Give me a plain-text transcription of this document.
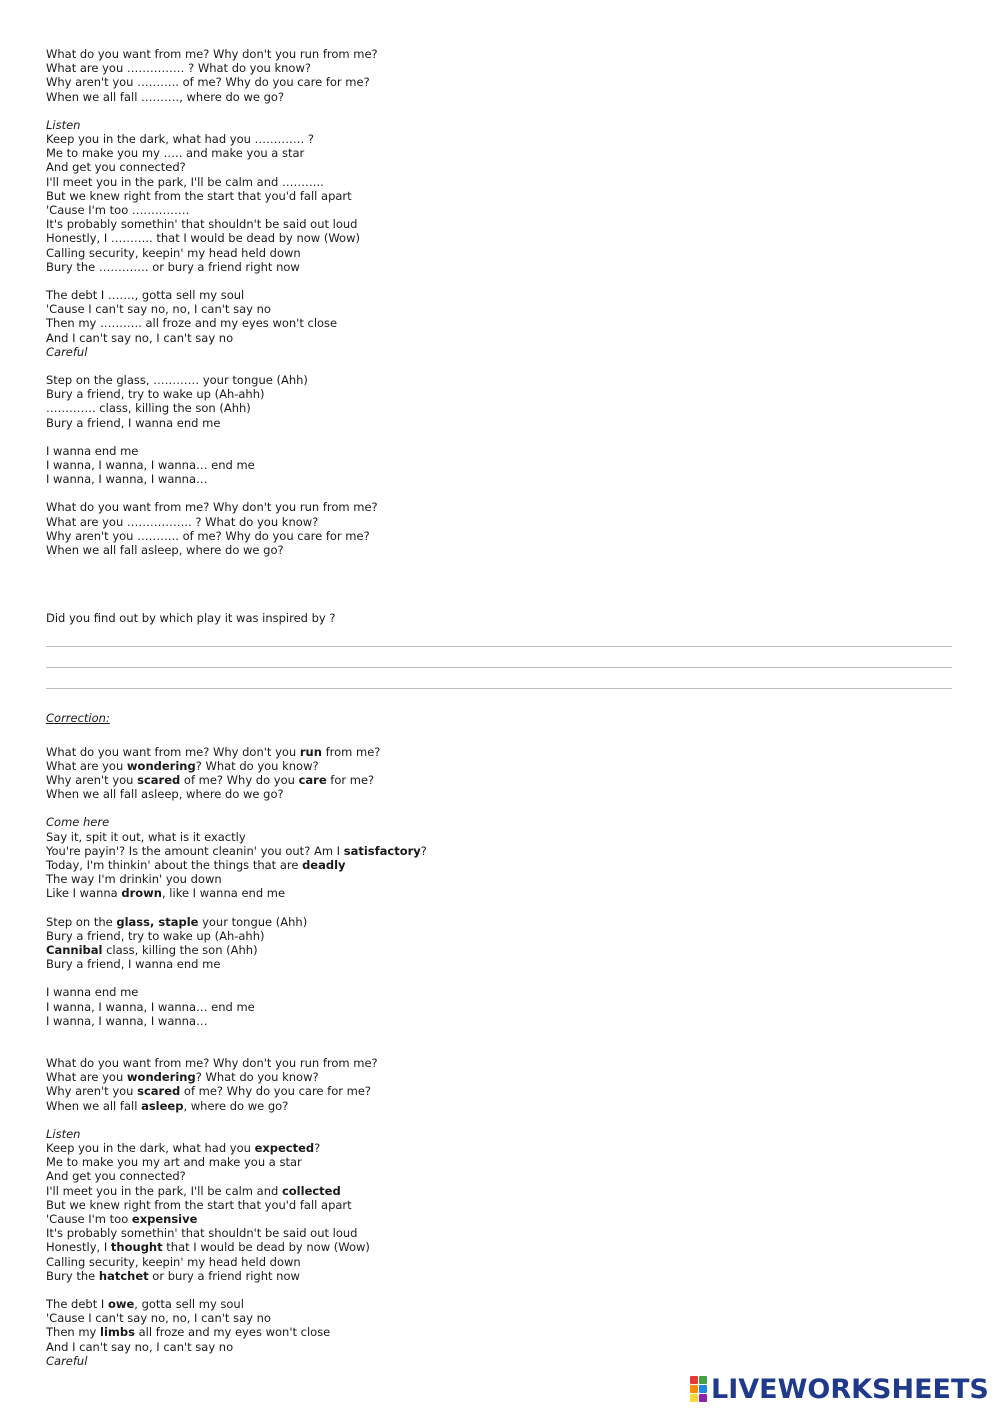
What do you want from me? Why don't you run from me?
What are you …………… ? What do you know?
Why aren't you ……….. of me? Why do you care for me?
When we all fall ………., where do we go?
Listen
Keep you in the dark, what had you …………. ?
Me to make you my ….. and make you a star
And get you connected?
I'll meet you in the park, I'll be calm and ………..
But we knew right from the start that you'd fall apart
'Cause I'm too ……………
It's probably somethin' that shouldn't be said out loud
Honestly, I ……….. that I would be dead by now (Wow)
Calling security, keepin' my head held down
Bury the …………. or bury a friend right now
The debt I ……., gotta sell my soul
'Cause I can't say no, no, I can't say no
Then my ……….. all froze and my eyes won't close
And I can't say no, I can't say no
Careful
Step on the glass, ………… your tongue (Ahh)
Bury a friend, try to wake up (Ah-ahh)
…………. class, killing the son (Ahh)
Bury a friend, I wanna end me
I wanna end me
I wanna, I wanna, I wanna… end me
I wanna, I wanna, I wanna…
What do you want from me? Why don't you run from me?
What are you …………….. ? What do you know?
Why aren't you ……….. of me? Why do you care for me?
When we all fall asleep, where do we go?
Did you find out by which play it was inspired by ?
Correction:
What do you want from me? Why don't you run from me?
What are you wondering? What do you know?
Why aren't you scared of me? Why do you care for me?
When we all fall asleep, where do we go?
Come here
Say it, spit it out, what is it exactly
You're payin'? Is the amount cleanin' you out? Am I satisfactory?
Today, I'm thinkin' about the things that are deadly
The way I'm drinkin' you down
Like I wanna drown, like I wanna end me
Step on the glass, staple your tongue (Ahh)
Bury a friend, try to wake up (Ah-ahh)
Cannibal class, killing the son (Ahh)
Bury a friend, I wanna end me
I wanna end me
I wanna, I wanna, I wanna… end me
I wanna, I wanna, I wanna…
What do you want from me? Why don't you run from me?
What are you wondering? What do you know?
Why aren't you scared of me? Why do you care for me?
When we all fall asleep, where do we go?
Listen
Keep you in the dark, what had you expected?
Me to make you my art and make you a star
And get you connected?
I'll meet you in the park, I'll be calm and collected
But we knew right from the start that you'd fall apart
'Cause I'm too expensive
It's probably somethin' that shouldn't be said out loud
Honestly, I thought that I would be dead by now (Wow)
Calling security, keepin' my head held down
Bury the hatchet or bury a friend right now
The debt I owe, gotta sell my soul
'Cause I can't say no, no, I can't say no
Then my limbs all froze and my eyes won't close
And I can't say no, I can't say no
Careful
LIVEWORKSHEETS
